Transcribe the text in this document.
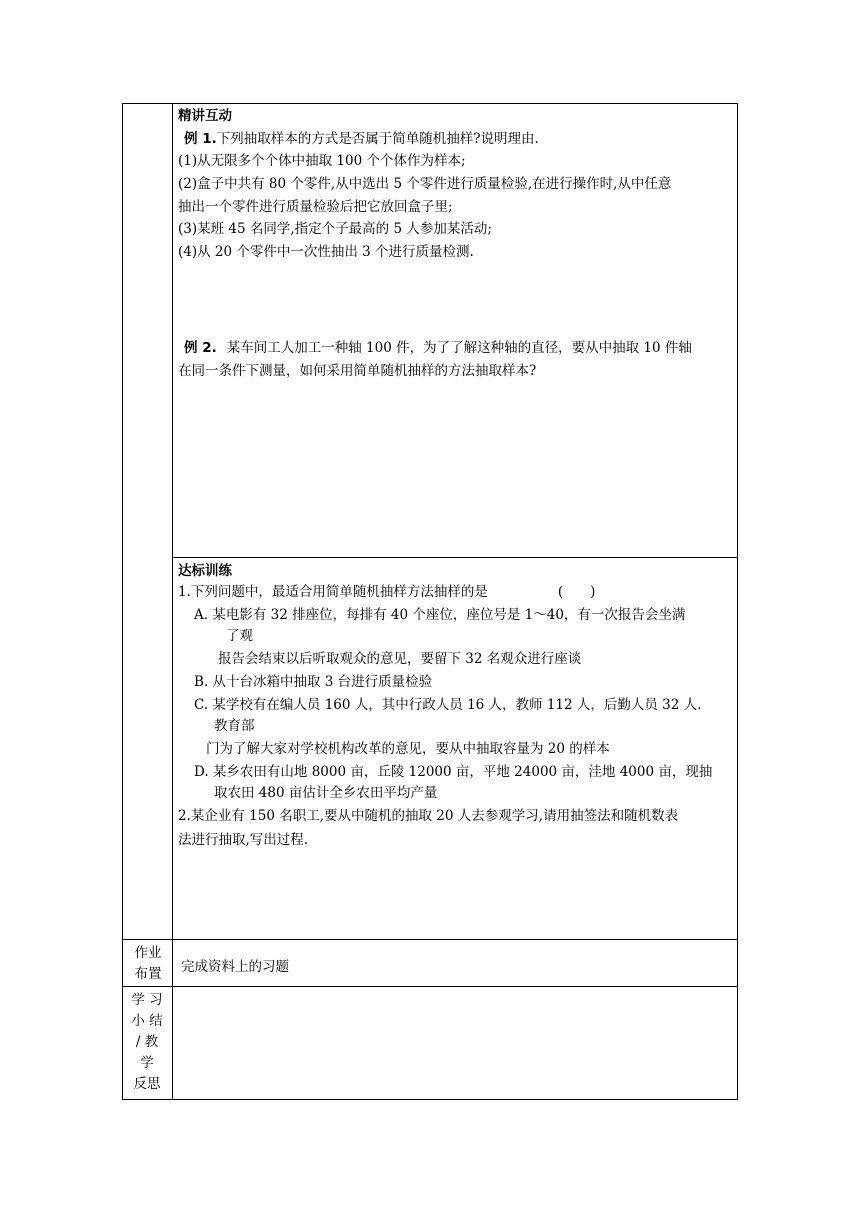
精讲互动
例 1.下列抽取样本的方式是否属于简单随机抽样?说明理由.
(1)从无限多个个体中抽取 100 个个体作为样本;
(2)盒子中共有 80 个零件,从中选出 5 个零件进行质量检验,在进行操作时,从中任意
抽出一个零件进行质量检验后把它放回盒子里;
(3)某班 45 名同学,指定个子最高的 5 人参加某活动;
(4)从 20 个零件中一次性抽出 3 个进行质量检测.
例 2. 某车间工人加工一种轴 100 件，为了了解这种轴的直径，要从中抽取 10 件轴
在同一条件下测量，如何采用简单随机抽样的方法抽取样本?
达标训练
1.下列问题中，最适合用简单随机抽样方法抽样的是	(　　)
A. 某电影有 32 排座位，每排有 40 个座位，座位号是 1～40，有一次报告会坐满
了观
报告会结束以后听取观众的意见，要留下 32 名观众进行座谈
B. 从十台冰箱中抽取 3 台进行质量检验
C. 某学校有在编人员 160 人，其中行政人员 16 人，教师 112 人，后勤人员 32 人.
教育部
门为了解大家对学校机构改革的意见，要从中抽取容量为 20 的样本
D. 某乡农田有山地 8000 亩，丘陵 12000 亩，平地 24000 亩，洼地 4000 亩，现抽
取农田 480 亩估计全乡农田平均产量
2.某企业有 150 名职工,要从中随机的抽取 20 人去参观学习,请用抽签法和随机数表
法进行抽取,写出过程.
作业
布置	完成资料上的习题
学 习
小 结
/ 教
学
反思
